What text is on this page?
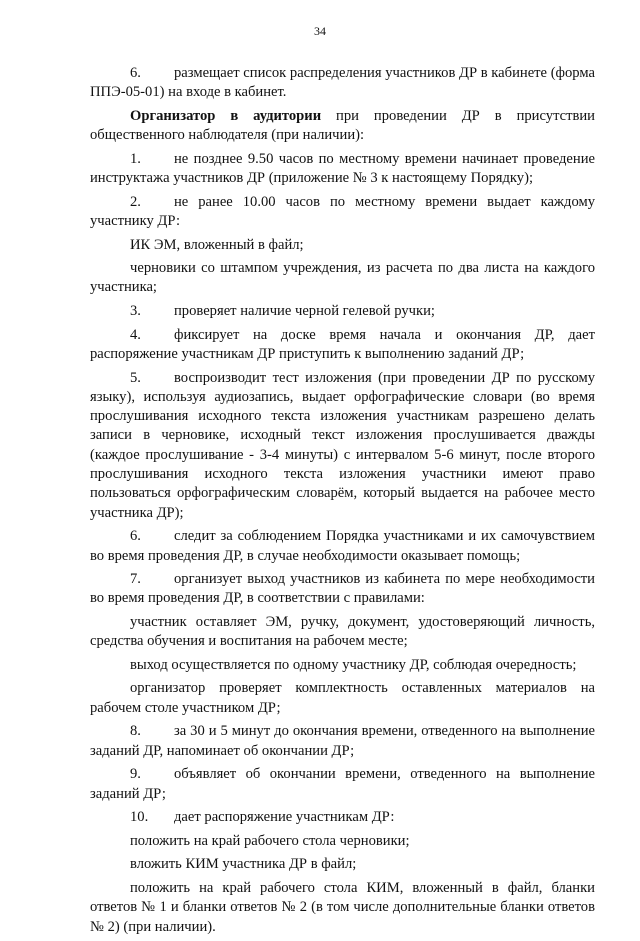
34

6. размещает список распределения участников ДР в кабинете (форма ППЭ-05-01) на входе в кабинет.

Организатор в аудитории при проведении ДР в присутствии общественного наблюдателя (при наличии):

1. не позднее 9.50 часов по местному времени начинает проведение инструктажа участников ДР (приложение № 3 к настоящему Порядку);

2. не ранее 10.00 часов по местному времени выдает каждому участнику ДР:

ИК ЭМ, вложенный в файл;

черновики со штампом учреждения, из расчета по два листа на каждого участника;

3. проверяет наличие черной гелевой ручки;

4. фиксирует на доске время начала и окончания ДР, дает распоряжение участникам ДР приступить к выполнению заданий ДР;

5. воспроизводит тест изложения (при проведении ДР по русскому языку), используя аудиозапись, выдает орфографические словари (во время прослушивания исходного текста изложения участникам разрешено делать записи в черновике, исходный текст изложения прослушивается дважды (каждое прослушивание - 3-4 минуты) с интервалом 5-6 минут, после второго прослушивания исходного текста изложения участники имеют право пользоваться орфографическим словарём, который выдается на рабочее место участника ДР);

6. следит за соблюдением Порядка участниками и их самочувствием во время проведения ДР, в случае необходимости оказывает помощь;

7. организует выход участников из кабинета по мере необходимости во время проведения ДР, в соответствии с правилами:

участник оставляет ЭМ, ручку, документ, удостоверяющий личность, средства обучения и воспитания на рабочем месте;

выход осуществляется по одному участнику ДР, соблюдая очередность;

организатор проверяет комплектность оставленных материалов на рабочем столе участником ДР;

8. за 30 и 5 минут до окончания времени, отведенного на выполнение заданий ДР, напоминает об окончании ДР;

9. объявляет об окончании времени, отведенного на выполнение заданий ДР;

10. дает распоряжение участникам ДР:

положить на край рабочего стола черновики;

вложить КИМ участника ДР в файл;

положить на край рабочего стола КИМ, вложенный в файл, бланки ответов № 1 и бланки ответов № 2 (в том числе дополнительные бланки ответов № 2) (при наличии).
